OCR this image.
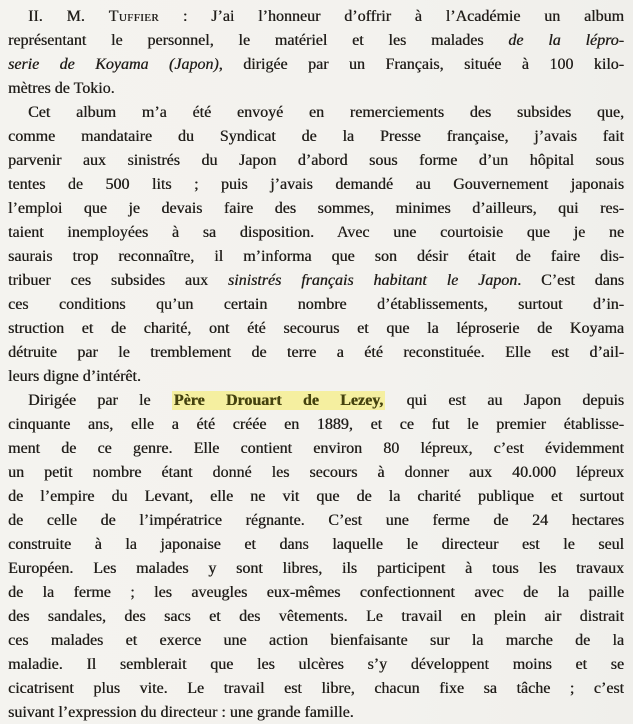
II. M. Tuffier : J’ai l’honneur d’offrir à l’Académie un album
représentant le personnel, le matériel et les malades de la lépro-
serie de Koyama (Japon), dirigée par un Français, située à 100 kilo-
mètres de Tokio.
Cet album m’a été envoyé en remerciements des subsides que,
comme mandataire du Syndicat de la Presse française, j’avais fait
parvenir aux sinistrés du Japon d’abord sous forme d’un hôpital sous
tentes de 500 lits ; puis j’avais demandé au Gouvernement japonais
l’emploi que je devais faire des sommes, minimes d’ailleurs, qui res-
taient inemployées à sa disposition. Avec une courtoisie que je ne
saurais trop reconnaître, il m’informa que son désir était de faire dis-
tribuer ces subsides aux sinistrés français habitant le Japon. C’est dans
ces conditions qu’un certain nombre d’établissements, surtout d’in-
struction et de charité, ont été secourus et que la léproserie de Koyama
détruite par le tremblement de terre a été reconstituée. Elle est d’ail-
leurs digne d’intérêt.
Dirigée par le Père Drouart de Lezey, qui est au Japon depuis
cinquante ans, elle a été créée en 1889, et ce fut le premier établisse-
ment de ce genre. Elle contient environ 80 lépreux, c’est évidemment
un petit nombre étant donné les secours à donner aux 40.000 lépreux
de l’empire du Levant, elle ne vit que de la charité publique et surtout
de celle de l’impératrice régnante. C’est une ferme de 24 hectares
construite à la japonaise et dans laquelle le directeur est le seul
Européen. Les malades y sont libres, ils participent à tous les travaux
de la ferme ; les aveugles eux-mêmes confectionnent avec de la paille
des sandales, des sacs et des vêtements. Le travail en plein air distrait
ces malades et exerce une action bienfaisante sur la marche de la
maladie. Il semblerait que les ulcères s’y développent moins et se
cicatrisent plus vite. Le travail est libre, chacun fixe sa tâche ; c’est
suivant l’expression du directeur : une grande famille.
